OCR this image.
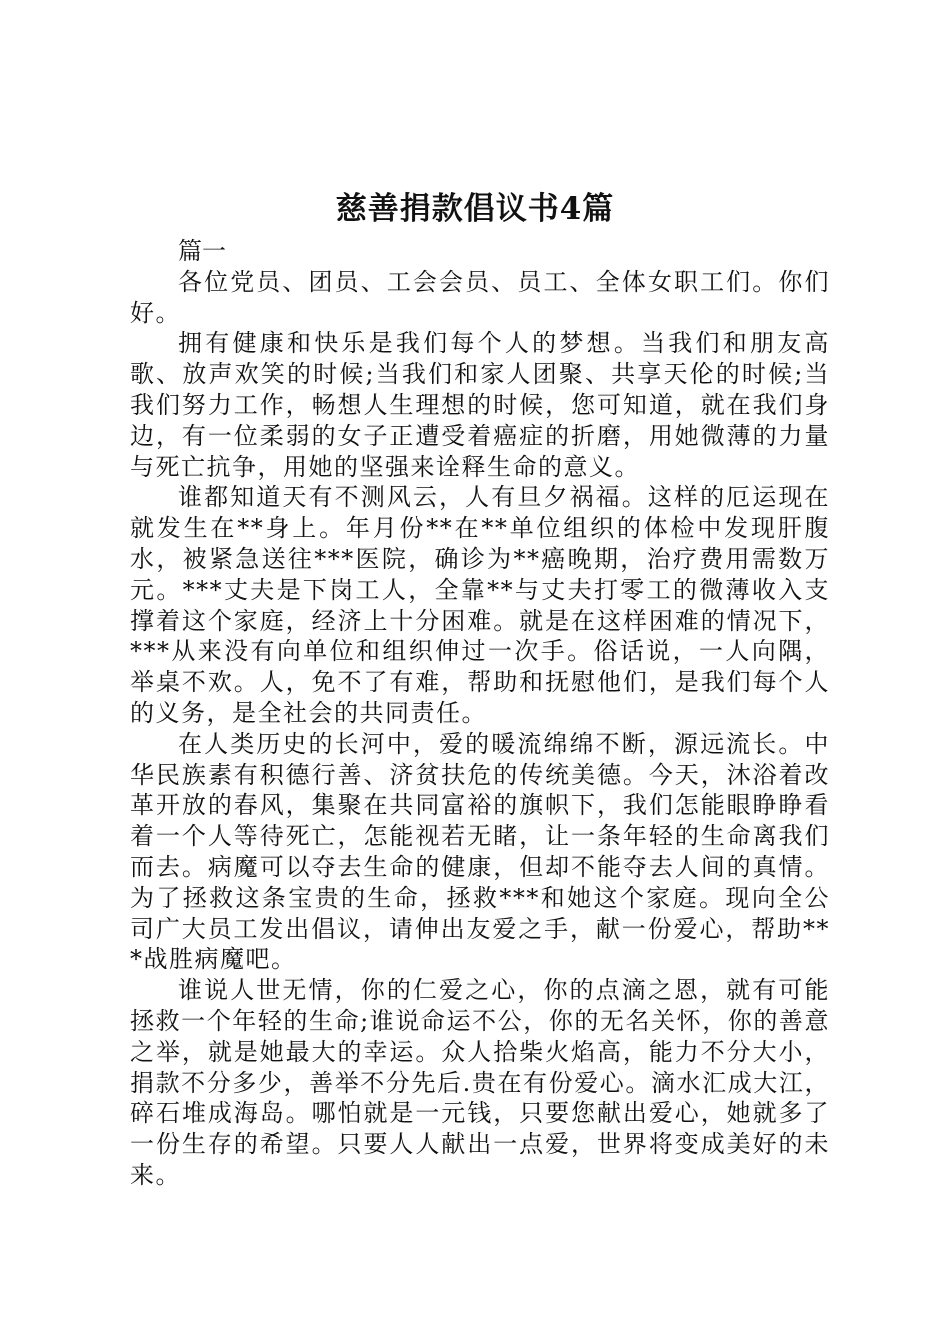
慈善捐款倡议书4篇

篇一

各位党员、团员、工会会员、员工、全体女职工们。你们好。

拥有健康和快乐是我们每个人的梦想。当我们和朋友高歌、放声欢笑的时候;当我们和家人团聚、共享天伦的时候;当我们努力工作，畅想人生理想的时候，您可知道，就在我们身边，有一位柔弱的女子正遭受着癌症的折磨，用她微薄的力量与死亡抗争，用她的坚强来诠释生命的意义。

谁都知道天有不测风云，人有旦夕祸福。这样的厄运现在就发生在**身上。年月份**在**单位组织的体检中发现肝腹水，被紧急送往***医院，确诊为**癌晚期，治疗费用需数万元。***丈夫是下岗工人，全靠**与丈夫打零工的微薄收入支撑着这个家庭，经济上十分困难。就是在这样困难的情况下，***从来没有向单位和组织伸过一次手。俗话说，一人向隅，举桌不欢。人，免不了有难，帮助和抚慰他们，是我们每个人的义务，是全社会的共同责任。

在人类历史的长河中，爱的暖流绵绵不断，源远流长。中华民族素有积德行善、济贫扶危的传统美德。今天，沐浴着改革开放的春风，集聚在共同富裕的旗帜下，我们怎能眼睁睁看着一个人等待死亡，怎能视若无睹，让一条年轻的生命离我们而去。病魔可以夺去生命的健康，但却不能夺去人间的真情。为了拯救这条宝贵的生命，拯救***和她这个家庭。现向全公司广大员工发出倡议，请伸出友爱之手，献一份爱心，帮助***战胜病魔吧。

谁说人世无情，你的仁爱之心，你的点滴之恩，就有可能拯救一个年轻的生命;谁说命运不公，你的无名关怀，你的善意之举，就是她最大的幸运。众人拾柴火焰高，能力不分大小，捐款不分多少，善举不分先后.贵在有份爱心。滴水汇成大江，碎石堆成海岛。哪怕就是一元钱，只要您献出爱心，她就多了一份生存的希望。只要人人献出一点爱，世界将变成美好的未来。
